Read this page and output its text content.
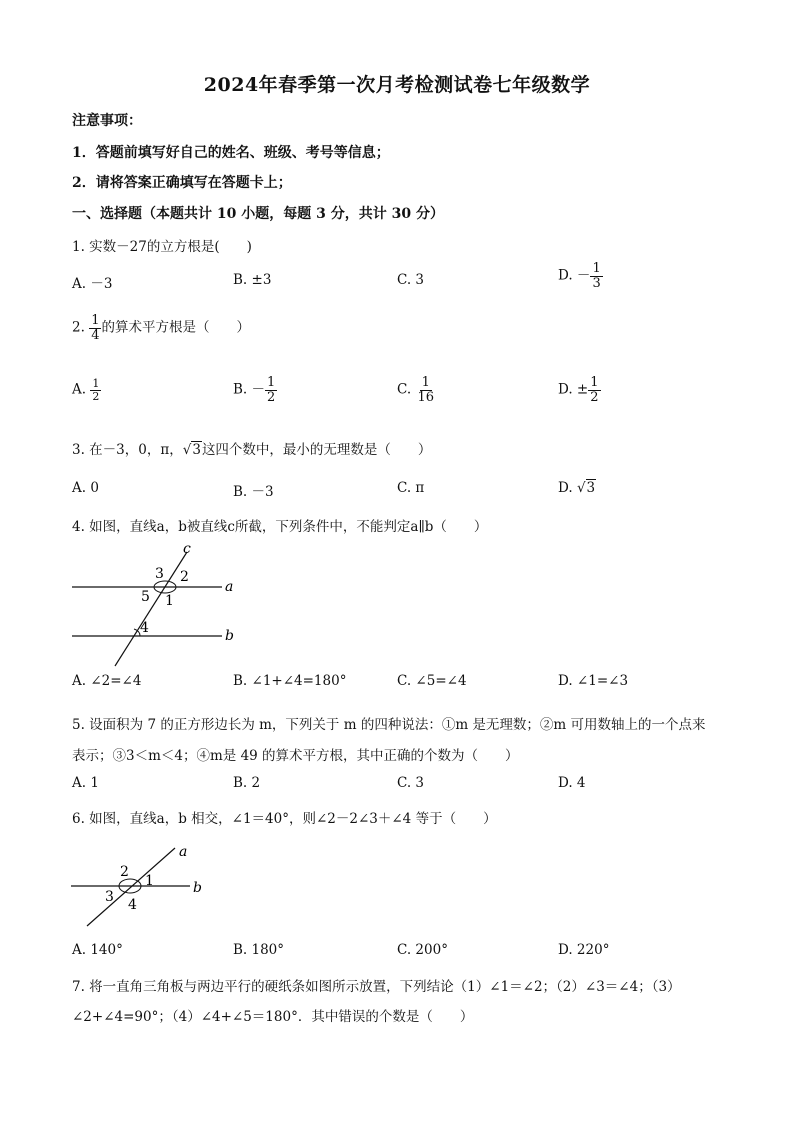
2024年春季第一次月考检测试卷七年级数学
注意事项：
1．答题前填写好自己的姓名、班级、考号等信息；
2．请将答案正确填写在答题卡上；
一、选择题（本题共计 10 小题，每题 3 分，共计 30 分）
1. 实数－27的立方根是(　　)
A. －3	B. ±3	C. 3	D. － $\frac{1}{3}$
2. $\frac{1}{4}$ 的算术平方根是（　　）
A. $\frac{1}{2}$	B. － $\frac{1}{2}$	C. $\frac{1}{16}$	D. ± $\frac{1}{2}$
3. 在－3，0，π，√3这四个数中，最小的无理数是（　　）
A. 0	B. －3	C. π	D. √3
4. 如图，直线a，b被直线c所截，下列条件中，不能判定a∥b（　　）
c
a
b
3 2
5 1
4
A. ∠2=∠4	B. ∠1+∠4=180°	C. ∠5=∠4	D. ∠1=∠3
5. 设面积为 7 的正方形边长为 m，下列关于 m 的四种说法：①m 是无理数；②m 可用数轴上的一个点来
表示；③3＜m＜4；④m是 49 的算术平方根，其中正确的个数为（　　）
A. 1	B. 2	C. 3	D. 4
6. 如图，直线a，b 相交，∠1＝40°，则∠2－2∠3＋∠4 等于（　　）
a
b
2
1
3 4
A. 140°	B. 180°	C. 200°	D. 220°
7. 将一直角三角板与两边平行的硬纸条如图所示放置，下列结论（1）∠1＝∠2；（2）∠3＝∠4；（3）
∠2+∠4=90°；（4）∠4+∠5＝180°．其中错误的个数是（　　）
